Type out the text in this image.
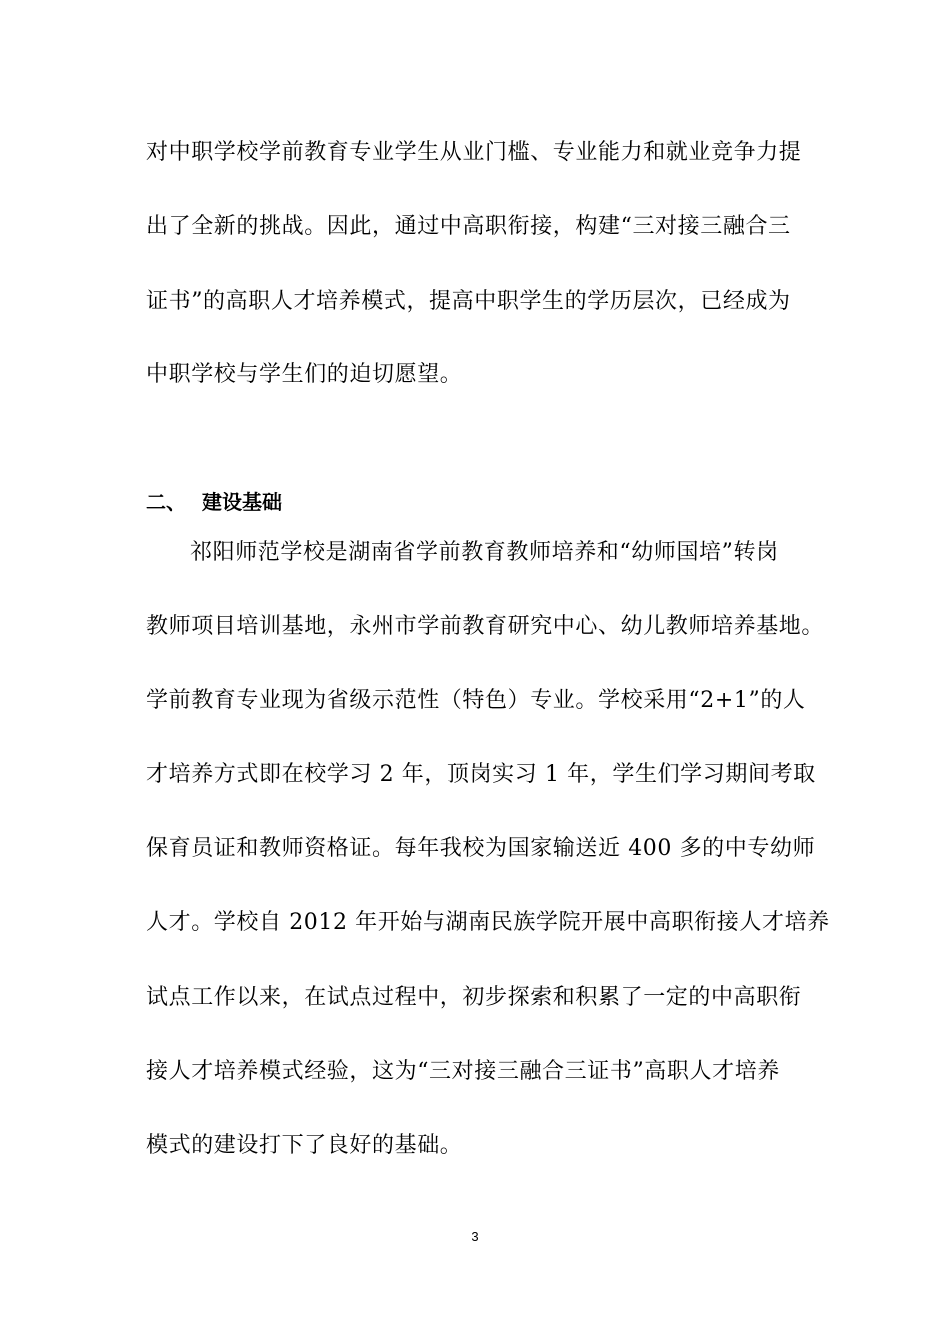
对中职学校学前教育专业学生从业门槛、专业能力和就业竞争力提
出了全新的挑战。因此，通过中高职衔接，构建“三对接三融合三
证书”的高职人才培养模式，提高中职学生的学历层次，已经成为
中职学校与学生们的迫切愿望。
二、 建设基础
祁阳师范学校是湖南省学前教育教师培养和“幼师国培”转岗
教师项目培训基地，永州市学前教育研究中心、幼儿教师培养基地。
学前教育专业现为省级示范性（特色）专业。学校采用“2+1”的人
才培养方式即在校学习 2 年，顶岗实习 1 年，学生们学习期间考取
保育员证和教师资格证。每年我校为国家输送近 400 多的中专幼师
人才。学校自 2012 年开始与湖南民族学院开展中高职衔接人才培养
试点工作以来，在试点过程中，初步探索和积累了一定的中高职衔
接人才培养模式经验，这为“三对接三融合三证书”高职人才培养
模式的建设打下了良好的基础。
3
